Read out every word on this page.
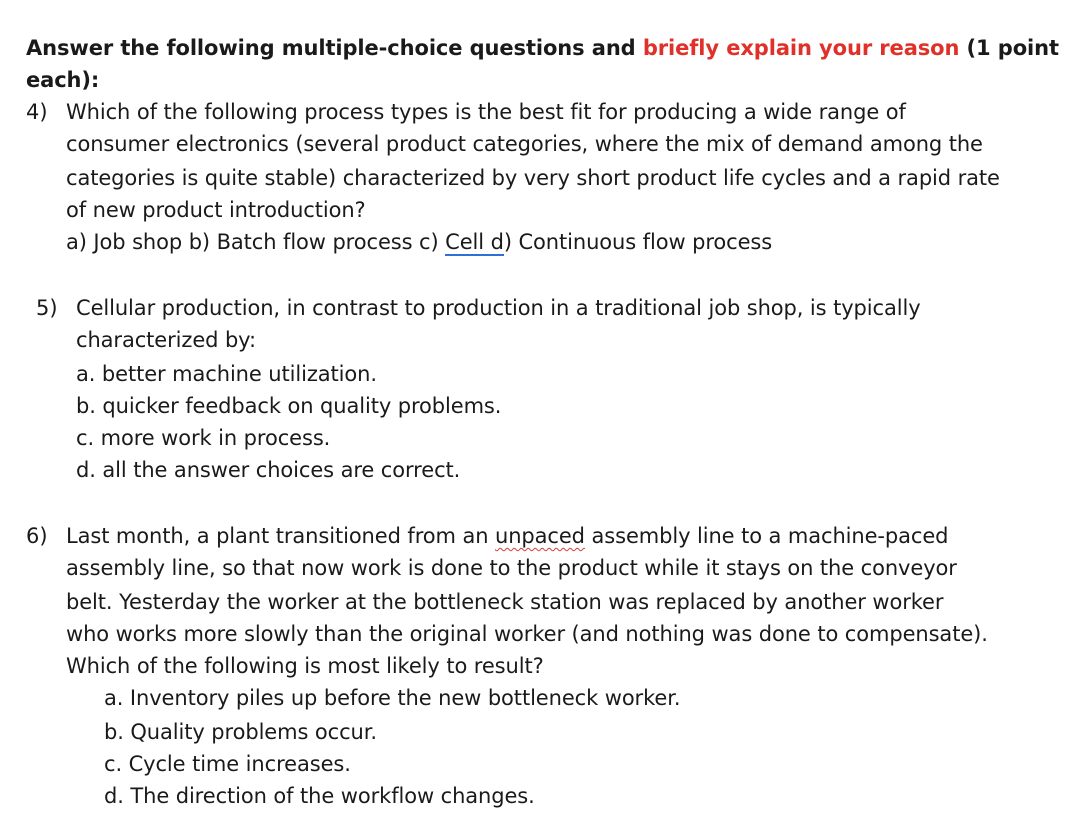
Answer the following multiple-choice questions and briefly explain your reason (1 point
each):
4) Which of the following process types is the best fit for producing a wide range of
consumer electronics (several product categories, where the mix of demand among the
categories is quite stable) characterized by very short product life cycles and a rapid rate
of new product introduction?
a) Job shop b) Batch flow process c) Cell d) Continuous flow process
5) Cellular production, in contrast to production in a traditional job shop, is typically
characterized by:
a. better machine utilization.
b. quicker feedback on quality problems.
c. more work in process.
d. all the answer choices are correct.
6) Last month, a plant transitioned from an unpaced assembly line to a machine-paced
assembly line, so that now work is done to the product while it stays on the conveyor
belt. Yesterday the worker at the bottleneck station was replaced by another worker
who works more slowly than the original worker (and nothing was done to compensate).
Which of the following is most likely to result?
a. Inventory piles up before the new bottleneck worker.
b. Quality problems occur.
c. Cycle time increases.
d. The direction of the workflow changes.
